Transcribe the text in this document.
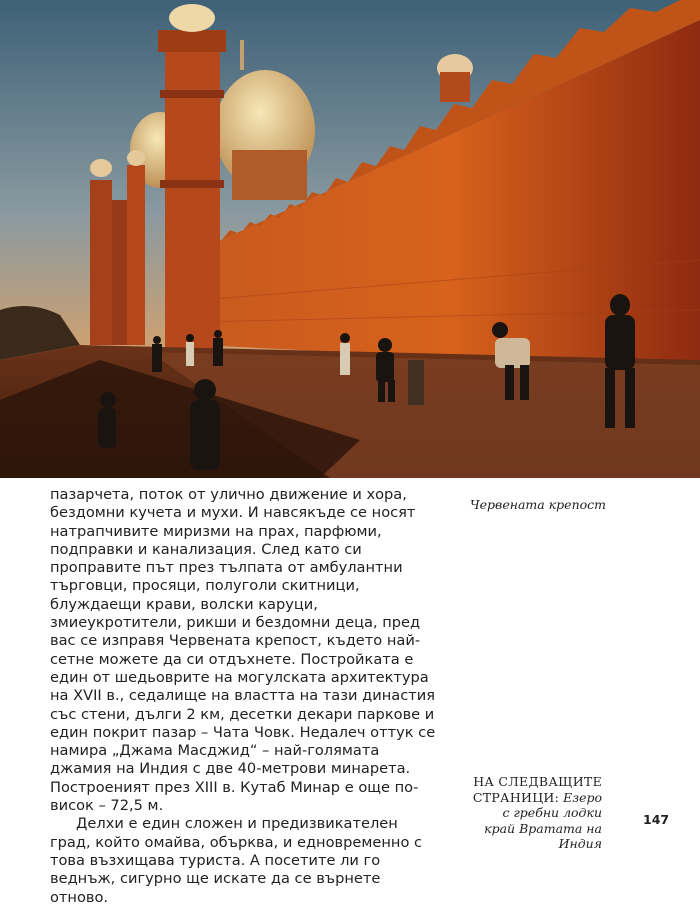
пазарчета, поток от улично движение и хора, бездомни кучета и мухи. И навсякъде се носят натрапчивите миризми на прах, парфюми, подправки и канализация. След като си проправите път през тълпата от амбулантни търговци, просяци, полуголи скитници, блуждаещи крави, волски каруци, змиеукротители, рикши и бездомни деца, пред вас се изправя Червената крепост, където най-сетне можете да си отдъхнете. Постройката е един от шедьоврите на могулската архитектура на XVII в., седалище на властта на тази династия със стени, дълги 2 км, десетки декари паркове и един покрит пазар – Чата Човк. Недалеч оттук се намира „Джама Масджид“ – най-голямата джамия на Индия с две 40-метрови минарета. Построеният през XIII в. Кутаб Минар е още по-висок – 72,5 м.

Делхи е един сложен и предизвикателен град, който омайва, обърква, и едновременно с това възхищава туриста. А посетите ли го веднъж, сигурно ще искате да се върнете отново.

Червената крепост
НА СЛЕДВАЩИТЕ СТРАНИЦИ: Езеро с гребни лодки край Вратата на Индия
147
